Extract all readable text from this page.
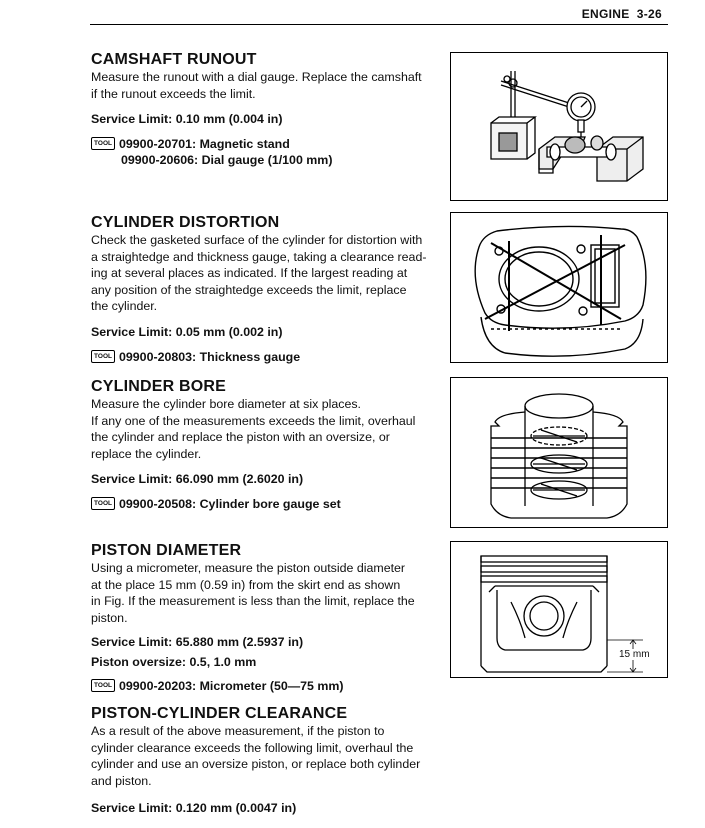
ENGINE  3-26
CAMSHAFT RUNOUT

Measure the runout with a dial gauge. Replace the camshaft
if the runout exceeds the limit.

Service Limit: 0.10 mm (0.004 in)

TOOL 09900-20701: Magnetic stand
09900-20606: Dial gauge (1/100 mm)
CYLINDER DISTORTION

Check the gasketed surface of the cylinder for distortion with
a straightedge and thickness gauge, taking a clearance read-
ing at several places as indicated. If the largest reading at
any position of the straightedge exceeds the limit, replace
the cylinder.

Service Limit: 0.05 mm (0.002 in)

TOOL 09900-20803: Thickness gauge
CYLINDER BORE

Measure the cylinder bore diameter at six places.
If any one of the measurements exceeds the limit, overhaul
the cylinder and replace the piston with an oversize, or
replace the cylinder.

Service Limit: 66.090 mm (2.6020 in)

TOOL 09900-20508: Cylinder bore gauge set
PISTON DIAMETER

Using a micrometer, measure the piston outside diameter
at the place 15 mm (0.59 in) from the skirt end as shown
in Fig. If the measurement is less than the limit, replace the
piston.

Service Limit: 65.880 mm (2.5937 in)

Piston oversize: 0.5, 1.0 mm

TOOL 09900-20203: Micrometer (50—75 mm)
PISTON-CYLINDER CLEARANCE

As a result of the above measurement, if the piston to
cylinder clearance exceeds the following limit, overhaul the
cylinder and use an oversize piston, or replace both cylinder
and piston.

Service Limit: 0.120 mm (0.0047 in)

15 mm
